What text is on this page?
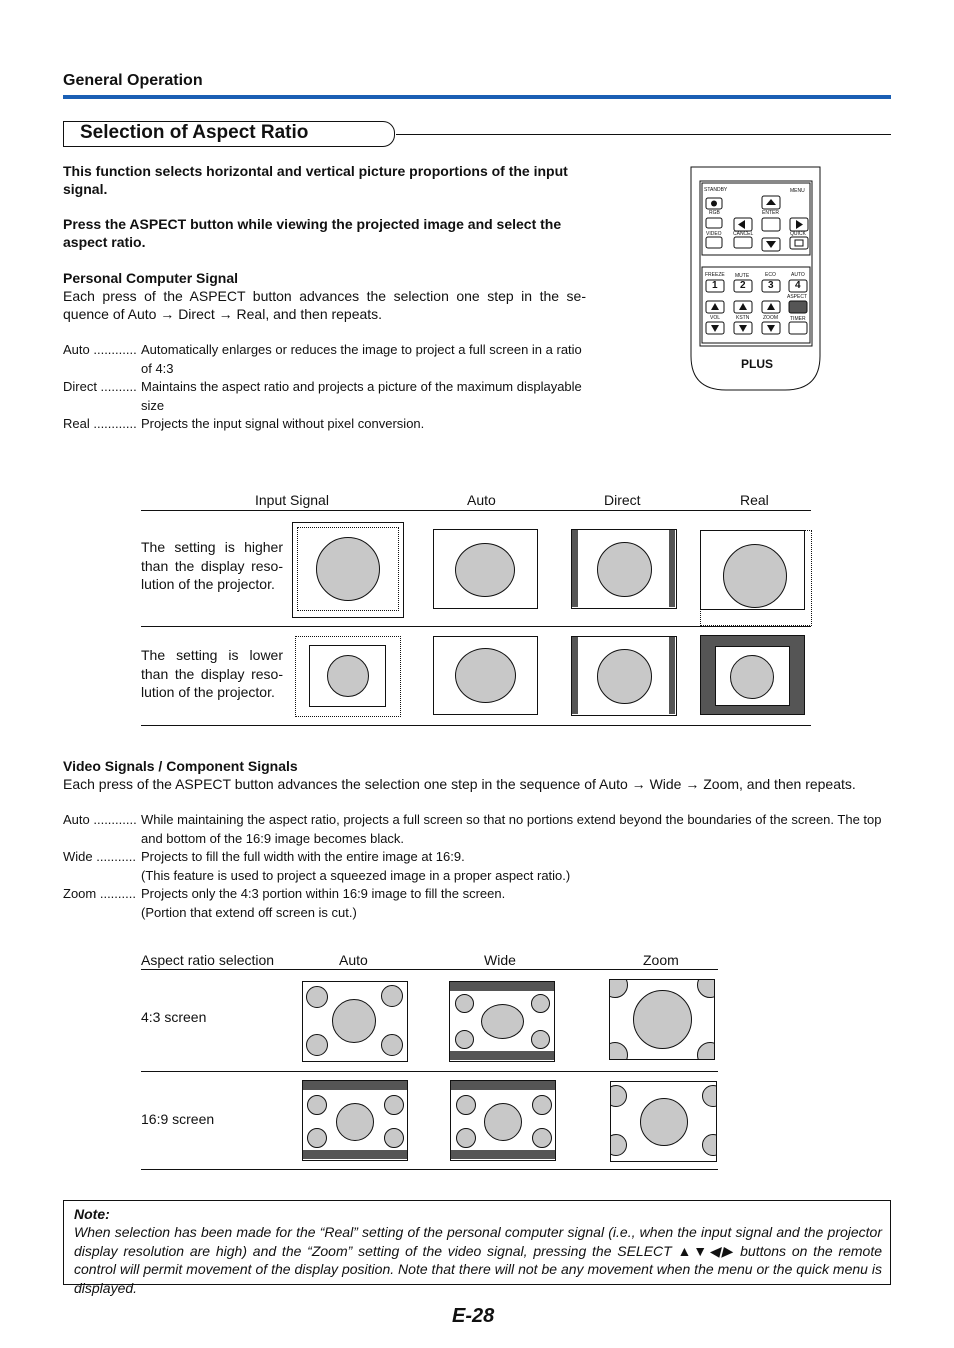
General Operation
Selection of Aspect Ratio
This function selects horizontal and vertical picture proportions of the input signal.
Press the ASPECT button while viewing the projected image and select the aspect ratio.
Personal Computer Signal
Each press of the ASPECT button advances the selection one step in the se- quence of Auto → Direct → Real, and then repeats.
Auto ............ Automatically enlarges or reduces the image to project a full screen in a ratio of 4:3
Direct .......... Maintains the aspect ratio and projects a picture of the maximum displayable size
Real ............ Projects the input signal without pixel conversion.
STANDBY	MENU
RGB	ENTER
VIDEO CANCEL	QUICK
FREEZE MUTE	ECO	AUTO
ASPECT
VOL	KSTN	ZOOM TIMER
1 2 3 4
PLUS
Input Signal	Auto	Direct	Real
The setting is higher than the display reso- lution of the projector.
The setting is lower than the display reso- lution of the projector.
Video Signals / Component Signals
Each press of the ASPECT button advances the selection one step in the sequence of Auto → Wide → Zoom, and then repeats.
Auto ............ While maintaining the aspect ratio, projects a full screen so that no portions extend beyond the boundaries of the screen. The top and bottom of the 16:9 image becomes black.
Wide ........... Projects to fill the full width with the entire image at 16:9.
(This feature is used to project a squeezed image in a proper aspect ratio.)
Zoom .......... Projects only the 4:3 portion within 16:9 image to fill the screen.
(Portion that extend off screen is cut.)
Aspect ratio selection	Auto	Wide	Zoom
4:3 screen
16:9 screen
Note:
When selection has been made for the “Real” setting of the personal computer signal (i.e., when the input signal and the projector display resolution are high) and the “Zoom” setting of the video signal, pressing the SELECT ▲▼◀▶ buttons on the remote control will permit movement of the display position. Note that there will not be any movement when the menu or the quick menu is displayed.
E-28
